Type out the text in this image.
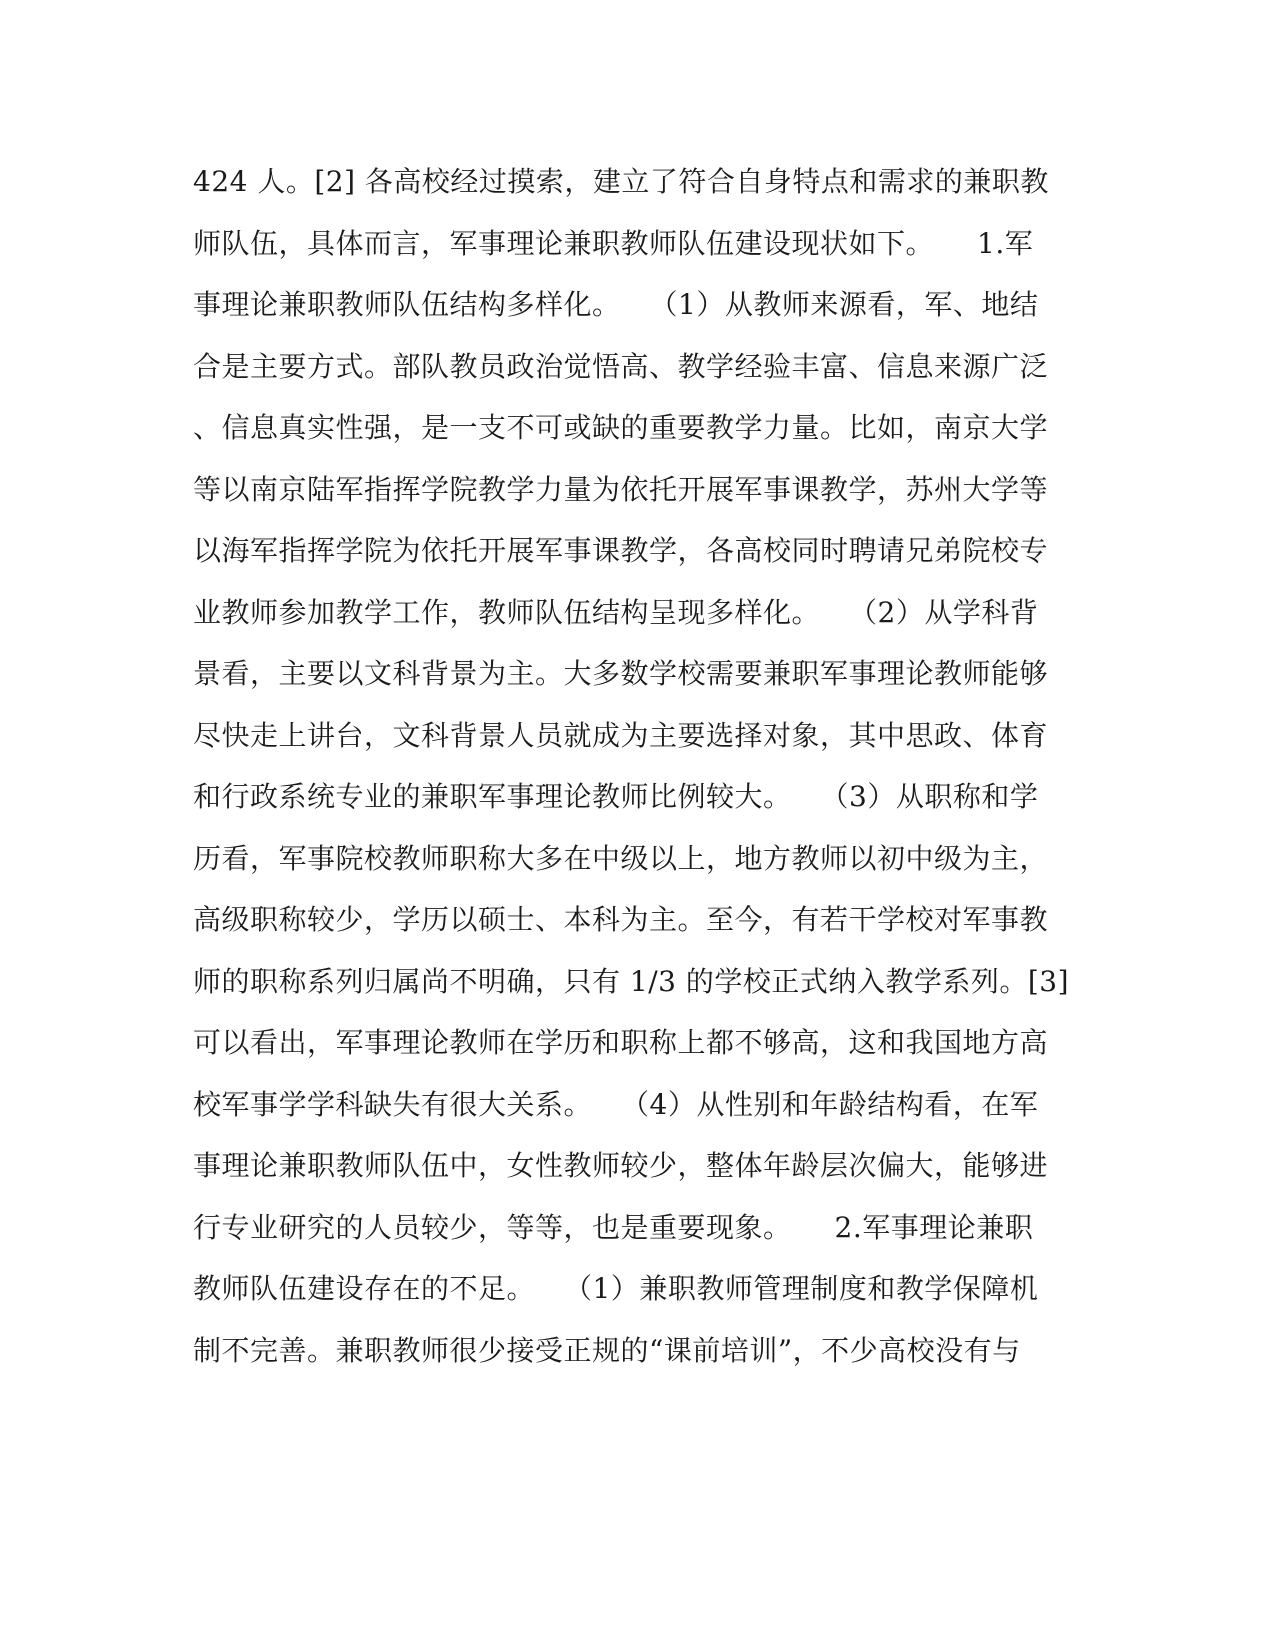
424 人。[2] 各高校经过摸索，建立了符合自身特点和需求的兼职教
师队伍，具体而言，军事理论兼职教师队伍建设现状如下。　　1.军
事理论兼职教师队伍结构多样化。　　（1）从教师来源看，军、地结
合是主要方式。部队教员政治觉悟高、教学经验丰富、信息来源广泛
、信息真实性强，是一支不可或缺的重要教学力量。比如，南京大学
等以南京陆军指挥学院教学力量为依托开展军事课教学，苏州大学等
以海军指挥学院为依托开展军事课教学，各高校同时聘请兄弟院校专
业教师参加教学工作，教师队伍结构呈现多样化。　　（2）从学科背
景看，主要以文科背景为主。大多数学校需要兼职军事理论教师能够
尽快走上讲台，文科背景人员就成为主要选择对象，其中思政、体育
和行政系统专业的兼职军事理论教师比例较大。　　（3）从职称和学
历看，军事院校教师职称大多在中级以上，地方教师以初中级为主，
高级职称较少，学历以硕士、本科为主。至今，有若干学校对军事教
师的职称系列归属尚不明确，只有 1/3 的学校正式纳入教学系列。[3]
可以看出，军事理论教师在学历和职称上都不够高，这和我国地方高
校军事学学科缺失有很大关系。　　（4）从性别和年龄结构看，在军
事理论兼职教师队伍中，女性教师较少，整体年龄层次偏大，能够进
行专业研究的人员较少，等等，也是重要现象。　　2.军事理论兼职
教师队伍建设存在的不足。　　（1）兼职教师管理制度和教学保障机
制不完善。兼职教师很少接受正规的“课前培训”，不少高校没有与
